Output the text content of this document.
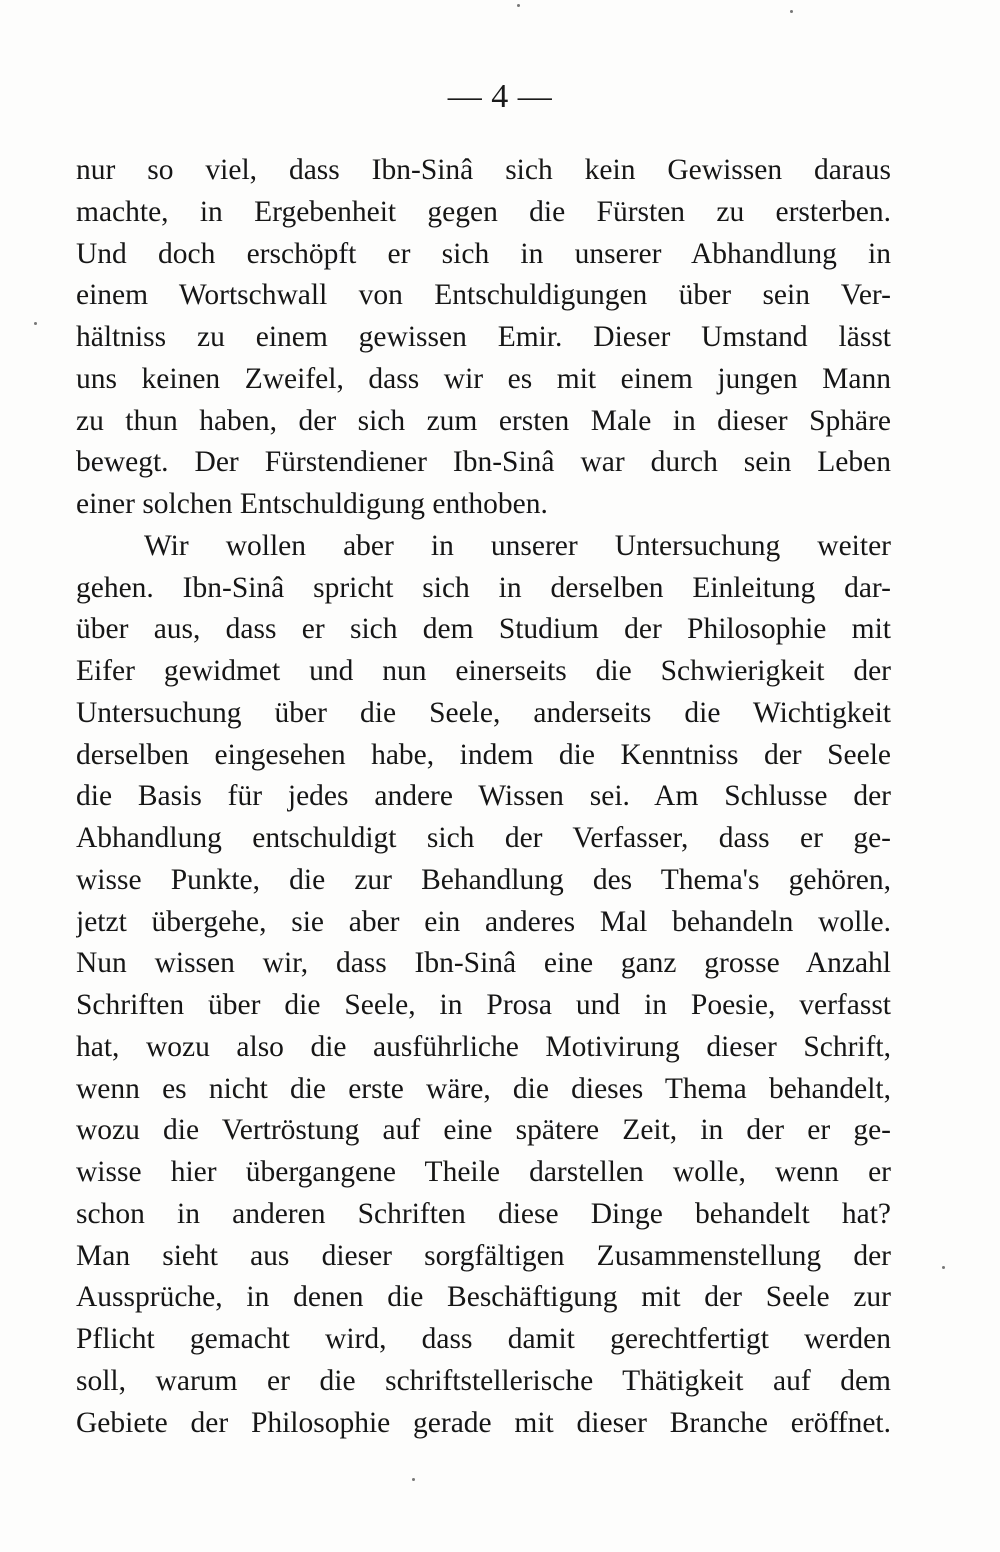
— 4 —
nur so viel, dass Ibn-Sinâ sich kein Gewissen daraus
machte, in Ergebenheit gegen die Fürsten zu ersterben.
Und doch erschöpft er sich in unserer Abhandlung in
einem Wortschwall von Entschuldigungen über sein Ver-
hältniss zu einem gewissen Emir. Dieser Umstand lässt
uns keinen Zweifel, dass wir es mit einem jungen Mann
zu thun haben, der sich zum ersten Male in dieser Sphäre
bewegt. Der Fürstendiener Ibn-Sinâ war durch sein Leben
einer solchen Entschuldigung enthoben.
Wir wollen aber in unserer Untersuchung weiter
gehen. Ibn-Sinâ spricht sich in derselben Einleitung dar-
über aus, dass er sich dem Studium der Philosophie mit
Eifer gewidmet und nun einerseits die Schwierigkeit der
Untersuchung über die Seele, anderseits die Wichtigkeit
derselben eingesehen habe, indem die Kenntniss der Seele
die Basis für jedes andere Wissen sei. Am Schlusse der
Abhandlung entschuldigt sich der Verfasser, dass er ge-
wisse Punkte, die zur Behandlung des Thema's gehören,
jetzt übergehe, sie aber ein anderes Mal behandeln wolle.
Nun wissen wir, dass Ibn-Sinâ eine ganz grosse Anzahl
Schriften über die Seele, in Prosa und in Poesie, verfasst
hat, wozu also die ausführliche Motivirung dieser Schrift,
wenn es nicht die erste wäre, die dieses Thema behandelt,
wozu die Vertröstung auf eine spätere Zeit, in der er ge-
wisse hier übergangene Theile darstellen wolle, wenn er
schon in anderen Schriften diese Dinge behandelt hat?
Man sieht aus dieser sorgfältigen Zusammenstellung der
Aussprüche, in denen die Beschäftigung mit der Seele zur
Pflicht gemacht wird, dass damit gerechtfertigt werden
soll, warum er die schriftstellerische Thätigkeit auf dem
Gebiete der Philosophie gerade mit dieser Branche eröffnet.
